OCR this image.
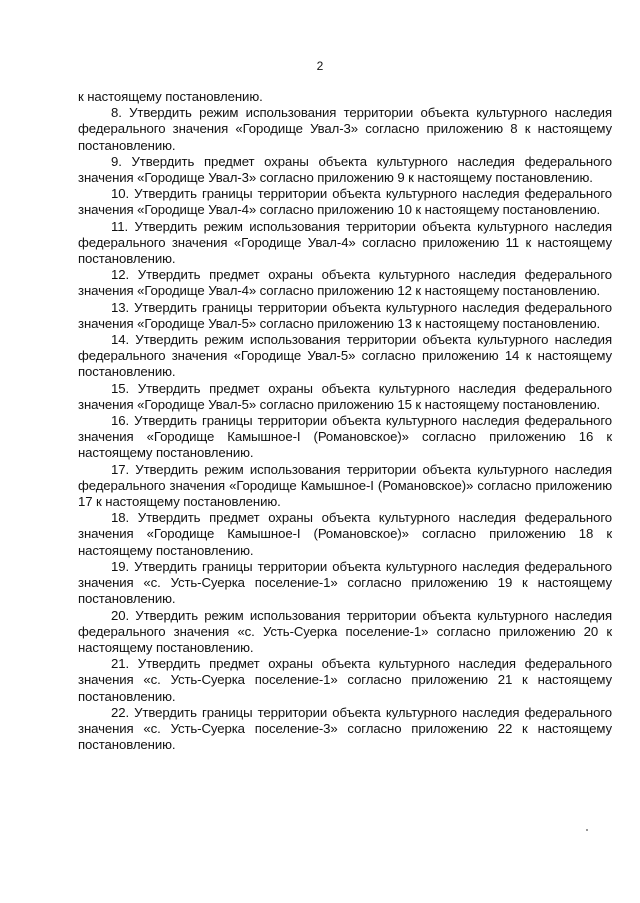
2

к настоящему постановлению.

8. Утвердить режим использования территории объекта культурного наследия федерального значения «Городище Увал-3» согласно приложению 8 к настоящему постановлению.

9. Утвердить предмет охраны объекта культурного наследия федерального значения «Городище Увал-3» согласно приложению 9 к настоящему постановлению.

10. Утвердить границы территории объекта культурного наследия федерального значения «Городище Увал-4» согласно приложению 10 к настоящему постановлению.

11. Утвердить режим использования территории объекта культурного наследия федерального значения «Городище Увал-4» согласно приложению 11 к настоящему постановлению.

12. Утвердить предмет охраны объекта культурного наследия федерального значения «Городище Увал-4» согласно приложению 12 к настоящему постановлению.

13. Утвердить границы территории объекта культурного наследия федерального значения «Городище Увал-5» согласно приложению 13 к настоящему постановлению.

14. Утвердить режим использования территории объекта культурного наследия федерального значения «Городище Увал-5» согласно приложению 14 к настоящему постановлению.

15. Утвердить предмет охраны объекта культурного наследия федерального значения «Городище Увал-5» согласно приложению 15 к настоящему постановлению.

16. Утвердить границы территории объекта культурного наследия федерального значения «Городище Камышное-I (Романовское)» согласно приложению 16 к настоящему постановлению.

17. Утвердить режим использования территории объекта культурного наследия федерального значения «Городище Камышное-I (Романовское)» согласно приложению 17 к настоящему постановлению.

18. Утвердить предмет охраны объекта культурного наследия федерального значения «Городище Камышное-I (Романовское)» согласно приложению 18 к настоящему постановлению.

19. Утвердить границы территории объекта культурного наследия федерального значения «с. Усть-Суерка поселение-1» согласно приложению 19 к настоящему постановлению.

20. Утвердить режим использования территории объекта культурного наследия федерального значения «с. Усть-Суерка поселение-1» согласно приложению 20 к настоящему постановлению.

21. Утвердить предмет охраны объекта культурного наследия федерального значения «с. Усть-Суерка поселение-1» согласно приложению 21 к настоящему постановлению.

22. Утвердить границы территории объекта культурного наследия федерального значения «с. Усть-Суерка поселение-3» согласно приложению 22 к настоящему постановлению.
